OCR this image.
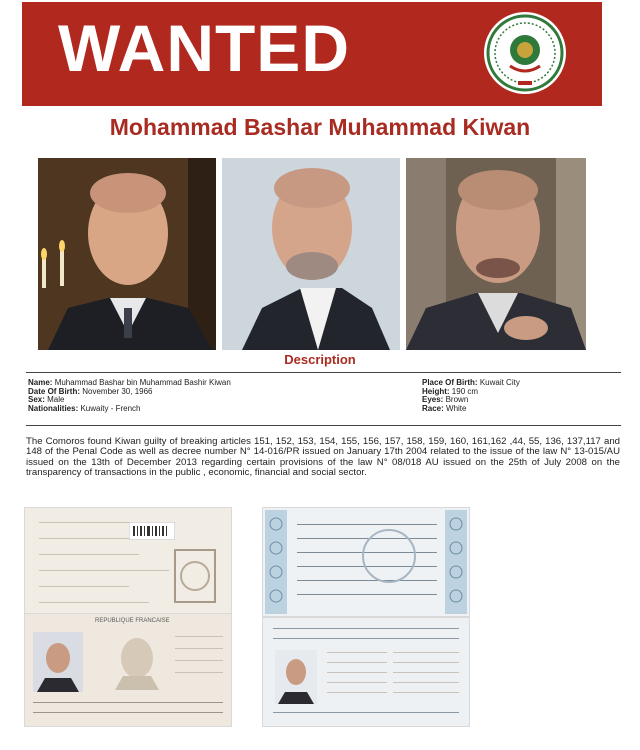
WANTED
Mohammad Bashar Muhammad Kiwan
Description
Name: Muhammad Bashar bin Muhammad Bashir Kiwan
Date Of Birth: November 30, 1966
Sex: Male
Nationalities: Kuwaity - French
Place Of Birth: Kuwait City
Height: 190 cm
Eyes: Brown
Race: White
The Comoros found Kiwan guilty of breaking articles 151, 152, 153, 154, 155, 156, 157, 158, 159, 160, 161,162 ,44, 55, 136, 137,117 and 148 of the Penal Code as well as decree number N° 14-016/PR issued on January 17th 2004 related to the issue of the law N° 13-015/AU issued on the 13th of December 2013 regarding certain provisions of the law N° 08/018 AU issued on the 25th of July 2008 on the transparency of transactions in the public , economic, financial and social sector.
REPUBLIQUE FRANCAISE
